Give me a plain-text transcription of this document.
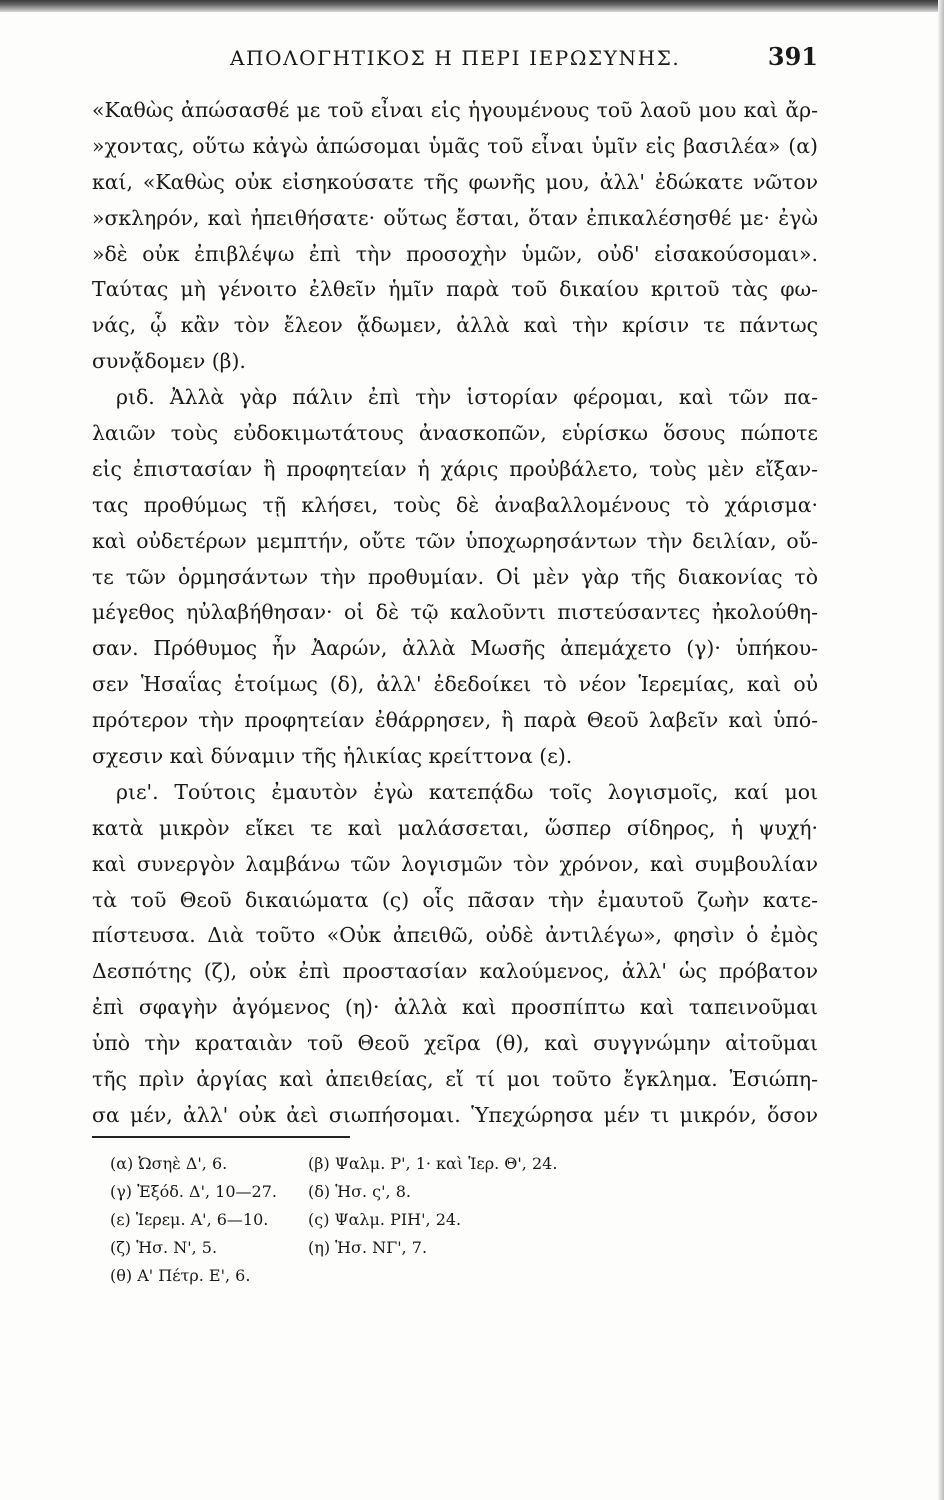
ΑΠΟΛΟΓΗΤΙΚΟΣ Η ΠΕΡΙ ΙΕΡΩΣΥΝΗΣ.	391
«Καθὼς ἀπώσασθέ με τοῦ εἶναι εἰς ἡγουμένους τοῦ λαοῦ μου καὶ ἄρ-
»χοντας, οὕτω κἀγὼ ἀπώσομαι ὑμᾶς τοῦ εἶναι ὑμῖν εἰς βασιλέα» (α)
καί, «Καθὼς οὐκ εἰσηκούσατε τῆς φωνῆς μου, ἀλλ' ἐδώκατε νῶτον
»σκληρόν, καὶ ἠπειθήσατε· οὕτως ἔσται, ὅταν ἐπικαλέσησθέ με· ἐγὼ
»δὲ οὐκ ἐπιβλέψω ἐπὶ τὴν προσοχὴν ὑμῶν, οὐδ' εἰσακούσομαι».
Ταύτας μὴ γένοιτο ἐλθεῖν ἡμῖν παρὰ τοῦ δικαίου κριτοῦ τὰς φω-
νάς, ᾧ κἂν τὸν ἔλεον ᾄδωμεν, ἀλλὰ καὶ τὴν κρίσιν τε πάντως
συνᾄδομεν (β).
ριδ. Ἀλλὰ γὰρ πάλιν ἐπὶ τὴν ἱστορίαν φέρομαι, καὶ τῶν πα-
λαιῶν τοὺς εὐδοκιμωτάτους ἀνασκοπῶν, εὑρίσκω ὅσους πώποτε
εἰς ἐπιστασίαν ἢ προφητείαν ἡ χάρις προὐβάλετο, τοὺς μὲν εἴξαν-
τας προθύμως τῇ κλήσει, τοὺς δὲ ἀναβαλλομένους τὸ χάρισμα·
καὶ οὐδετέρων μεμπτήν, οὔτε τῶν ὑποχωρησάντων τὴν δειλίαν, οὔ-
τε τῶν ὁρμησάντων τὴν προθυμίαν. Οἱ μὲν γὰρ τῆς διακονίας τὸ
μέγεθος ηὐλαβήθησαν· οἱ δὲ τῷ καλοῦντι πιστεύσαντες ἠκολούθη-
σαν. Πρόθυμος ἦν Ἀαρών, ἀλλὰ Μωσῆς ἀπεμάχετο (γ)· ὑπήκου-
σεν Ἡσαΐας ἑτοίμως (δ), ἀλλ' ἐδεδοίκει τὸ νέον Ἱερεμίας, καὶ οὐ
πρότερον τὴν προφητείαν ἐθάρρησεν, ἢ παρὰ Θεοῦ λαβεῖν καὶ ὑπό-
σχεσιν καὶ δύναμιν τῆς ἡλικίας κρείττονα (ε).
ριε'. Τούτοις ἐμαυτὸν ἐγὼ κατεπᾴδω τοῖς λογισμοῖς, καί μοι
κατὰ μικρὸν εἴκει τε καὶ μαλάσσεται, ὥσπερ σίδηρος, ἡ ψυχή·
καὶ συνεργὸν λαμβάνω τῶν λογισμῶν τὸν χρόνον, καὶ συμβουλίαν
τὰ τοῦ Θεοῦ δικαιώματα (ς) οἷς πᾶσαν τὴν ἐμαυτοῦ ζωὴν κατε-
πίστευσα. Διὰ τοῦτο «Οὐκ ἀπειθῶ, οὐδὲ ἀντιλέγω», φησὶν ὁ ἐμὸς
Δεσπότης (ζ), οὐκ ἐπὶ προστασίαν καλούμενος, ἀλλ' ὡς πρόβατον
ἐπὶ σφαγὴν ἀγόμενος (η)· ἀλλὰ καὶ προσπίπτω καὶ ταπεινοῦμαι
ὑπὸ τὴν κραταιὰν τοῦ Θεοῦ χεῖρα (θ), καὶ συγγνώμην αἰτοῦμαι
τῆς πρὶν ἀργίας καὶ ἀπειθείας, εἴ τί μοι τοῦτο ἔγκλημα. Ἐσιώπη-
σα μέν, ἀλλ' οὐκ ἀεὶ σιωπήσομαι. Ὑπεχώρησα μέν τι μικρόν, ὅσον
(α) Ὠσηὲ Δ', 6.	(β) Ψαλμ. Ρ', 1· καὶ Ἱερ. Θ', 24.
(γ) Ἐξόδ. Δ', 10—27. (δ) Ἡσ. ς', 8.
(ε) Ἱερεμ. Α', 6—10. (ς) Ψαλμ. ΡΙΗ', 24.
(ζ) Ἡσ. Ν', 5.	(η) Ἡσ. ΝΓ', 7.
(θ) Α' Πέτρ. Ε', 6.
